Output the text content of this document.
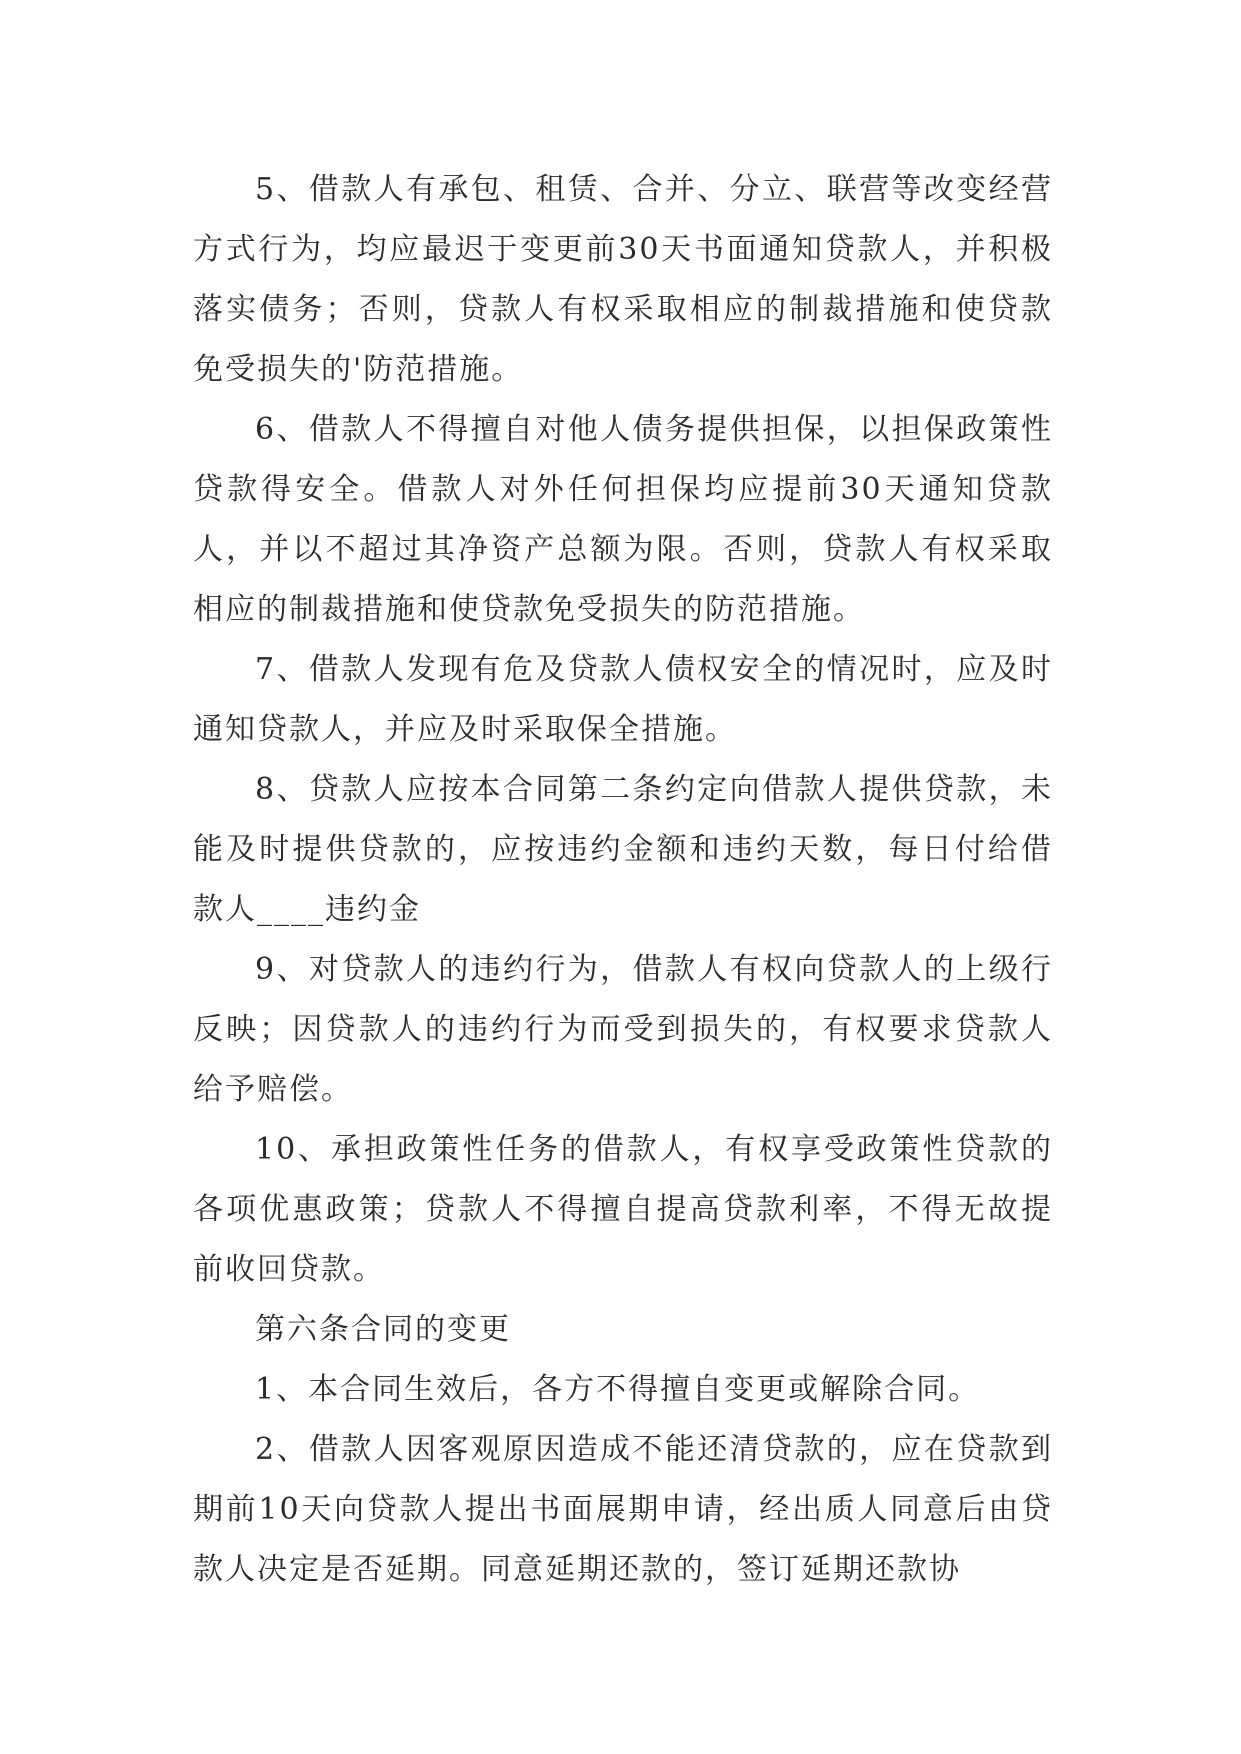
5、借款人有承包、租赁、合并、分立、联营等改变经营方式行为，均应最迟于变更前30天书面通知贷款人，并积极落实债务；否则，贷款人有权采取相应的制裁措施和使贷款免受损失的'防范措施。

6、借款人不得擅自对他人债务提供担保，以担保政策性贷款得安全。借款人对外任何担保均应提前30天通知贷款人，并以不超过其净资产总额为限。否则，贷款人有权采取相应的制裁措施和使贷款免受损失的防范措施。

7、借款人发现有危及贷款人债权安全的情况时，应及时通知贷款人，并应及时采取保全措施。

8、贷款人应按本合同第二条约定向借款人提供贷款，未能及时提供贷款的，应按违约金额和违约天数，每日付给借款人____违约金

9、对贷款人的违约行为，借款人有权向贷款人的上级行反映；因贷款人的违约行为而受到损失的，有权要求贷款人给予赔偿。

10、承担政策性任务的借款人，有权享受政策性贷款的各项优惠政策；贷款人不得擅自提高贷款利率，不得无故提前收回贷款。

第六条合同的变更

1、本合同生效后，各方不得擅自变更或解除合同。

2、借款人因客观原因造成不能还清贷款的，应在贷款到期前10天向贷款人提出书面展期申请，经出质人同意后由贷款人决定是否延期。同意延期还款的，签订延期还款协
